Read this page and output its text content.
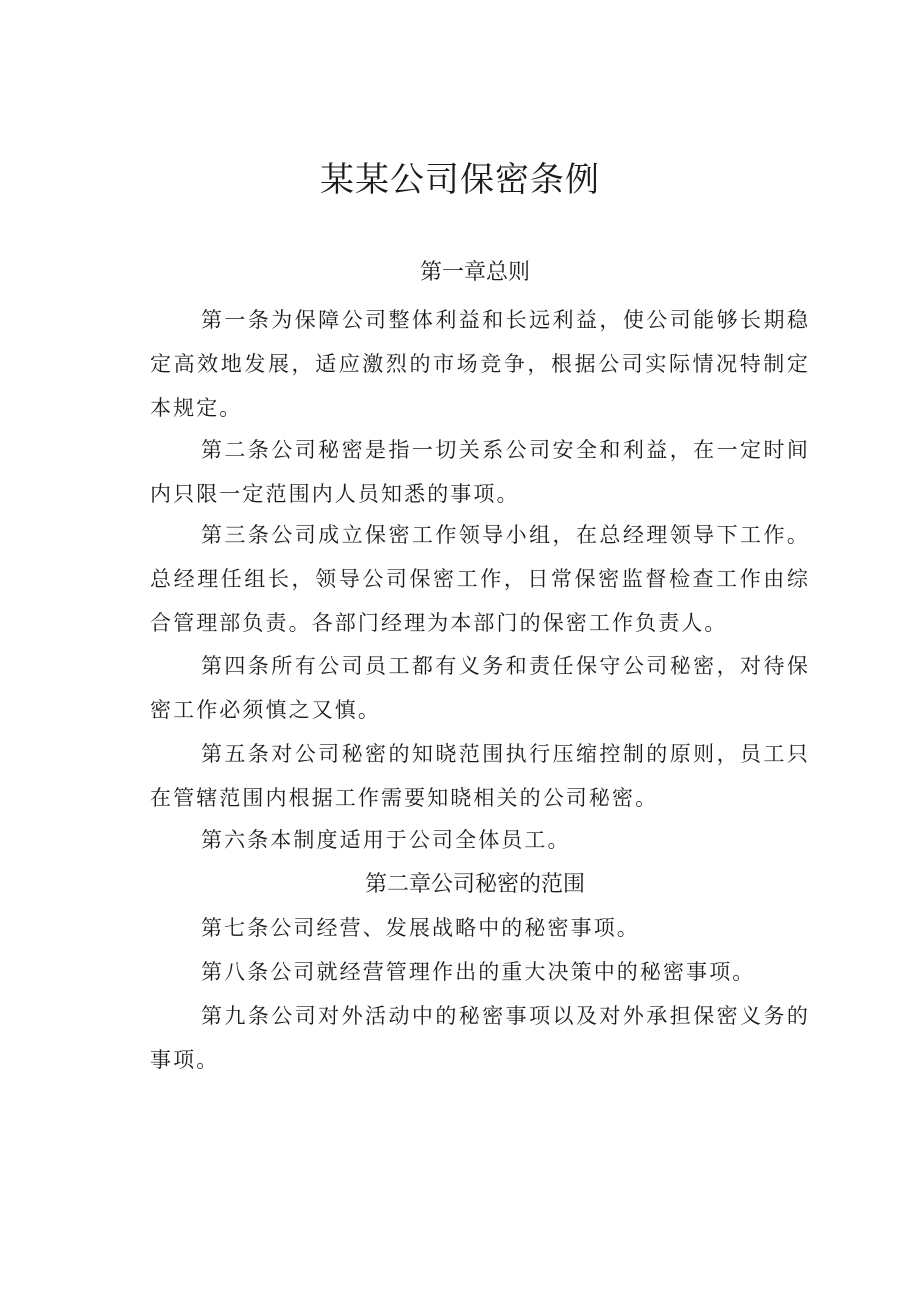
某某公司保密条例
第一章总则

第一条为保障公司整体利益和长远利益，使公司能够长期稳定高效地发展，适应激烈的市场竞争，根据公司实际情况特制定本规定。

第二条公司秘密是指一切关系公司安全和利益，在一定时间内只限一定范围内人员知悉的事项。

第三条公司成立保密工作领导小组，在总经理领导下工作。总经理任组长，领导公司保密工作，日常保密监督检查工作由综合管理部负责。各部门经理为本部门的保密工作负责人。

第四条所有公司员工都有义务和责任保守公司秘密，对待保密工作必须慎之又慎。

第五条对公司秘密的知晓范围执行压缩控制的原则，员工只在管辖范围内根据工作需要知晓相关的公司秘密。

第六条本制度适用于公司全体员工。

第二章公司秘密的范围

第七条公司经营、发展战略中的秘密事项。

第八条公司就经营管理作出的重大决策中的秘密事项。

第九条公司对外活动中的秘密事项以及对外承担保密义务的事项。
